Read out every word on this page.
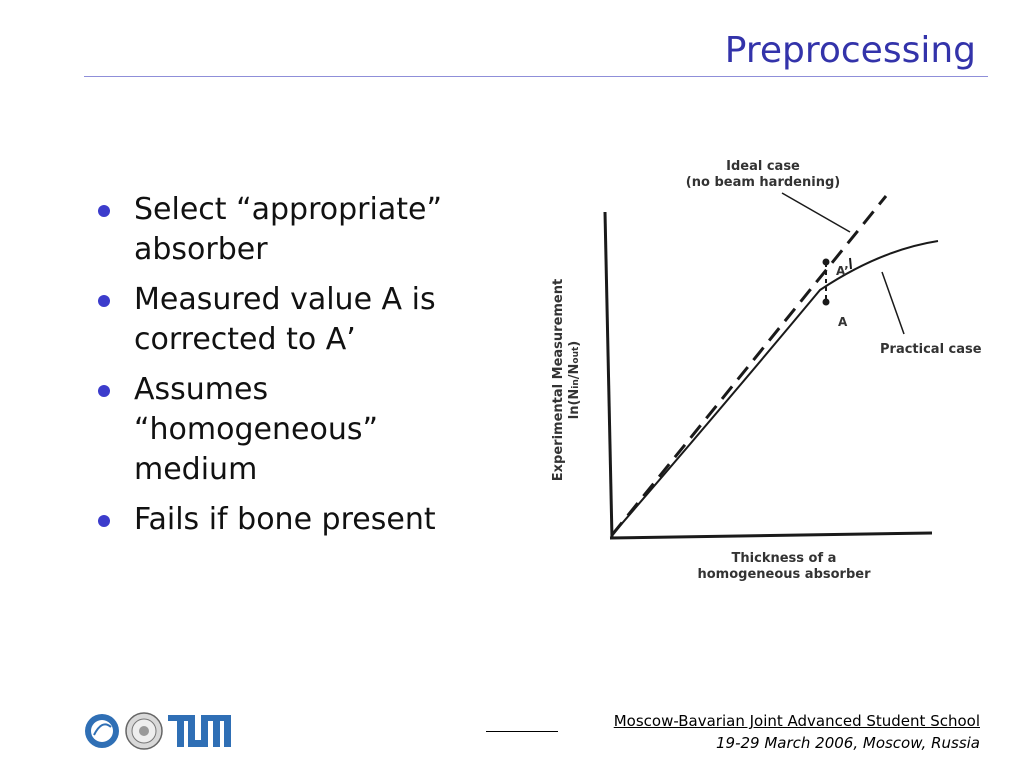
Preprocessing
Select “appropriate” absorber
Measured value A is corrected to A’
Assumes “homogeneous” medium
Fails if bone present
A’
A
Ideal case
(no beam hardening)
Practical case
Experimental Measurement ln(Nin/Nout)
Thickness of a
homogeneous absorber
Moscow-Bavarian Joint Advanced Student School
19-29 March 2006, Moscow, Russia
